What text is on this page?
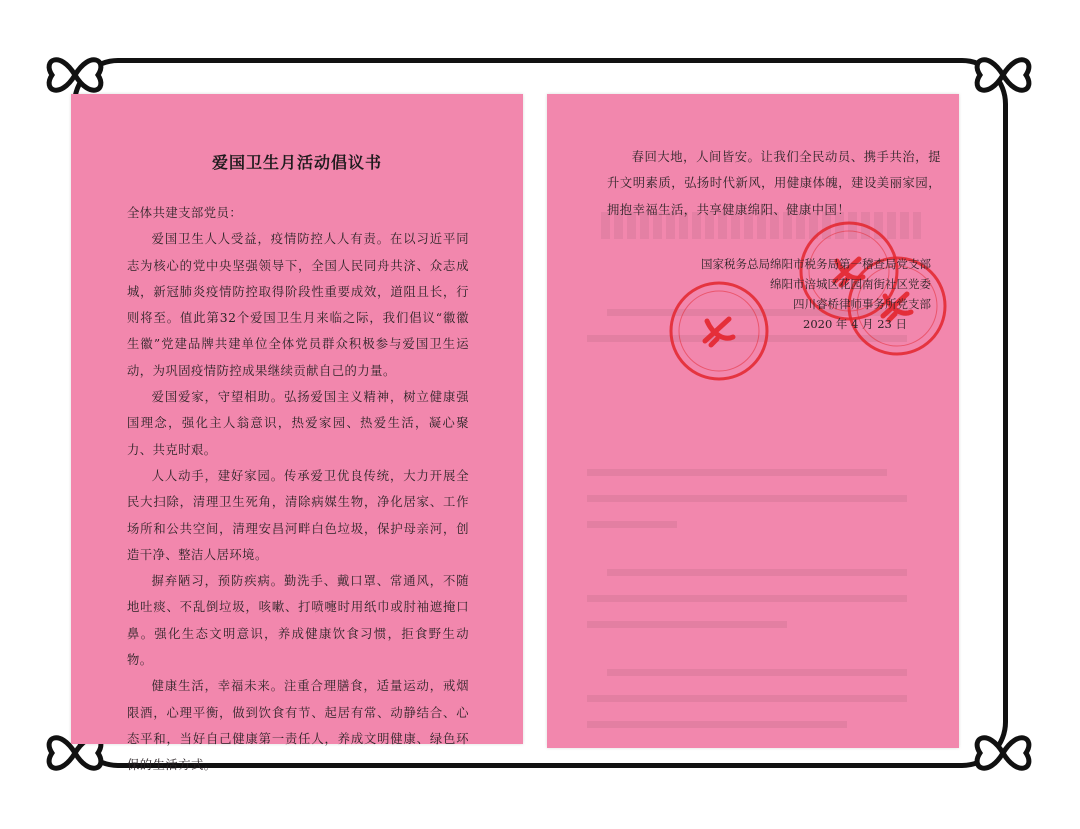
爱国卫生月活动倡议书

全体共建支部党员：

爱国卫生人人受益，疫情防控人人有责。在以习近平同志为核心的党中央坚强领导下，全国人民同舟共济、众志成城，新冠肺炎疫情防控取得阶段性重要成效，道阻且长，行则将至。值此第32个爱国卫生月来临之际，我们倡议“徽徽生徽”党建品牌共建单位全体党员群众积极参与爱国卫生运动，为巩固疫情防控成果继续贡献自己的力量。

爱国爱家，守望相助。弘扬爱国主义精神，树立健康强国理念，强化主人翁意识，热爱家园、热爱生活，凝心聚力、共克时艰。

人人动手，建好家园。传承爱卫优良传统，大力开展全民大扫除，清理卫生死角，清除病媒生物，净化居家、工作场所和公共空间，清理安昌河畔白色垃圾，保护母亲河，创造干净、整洁人居环境。

摒弃陋习，预防疾病。勤洗手、戴口罩、常通风，不随地吐痰、不乱倒垃圾，咳嗽、打喷嚏时用纸巾或肘袖遮掩口鼻。强化生态文明意识，养成健康饮食习惯，拒食野生动物。

健康生活，幸福未来。注重合理膳食，适量运动，戒烟限酒，心理平衡，做到饮食有节、起居有常、动静结合、心态平和，当好自己健康第一责任人，养成文明健康、绿色环保的生活方式。

春回大地，人间皆安。让我们全民动员、携手共治，提升文明素质，弘扬时代新风，用健康体魄，建设美丽家园，拥抱幸福生活，共享健康绵阳、健康中国！

国家税务总局绵阳市税务局第一稽查局党支部
绵阳市涪城区花园南街社区党委
四川睿桥律师事务所党支部
2020 年 4 月 23 日
